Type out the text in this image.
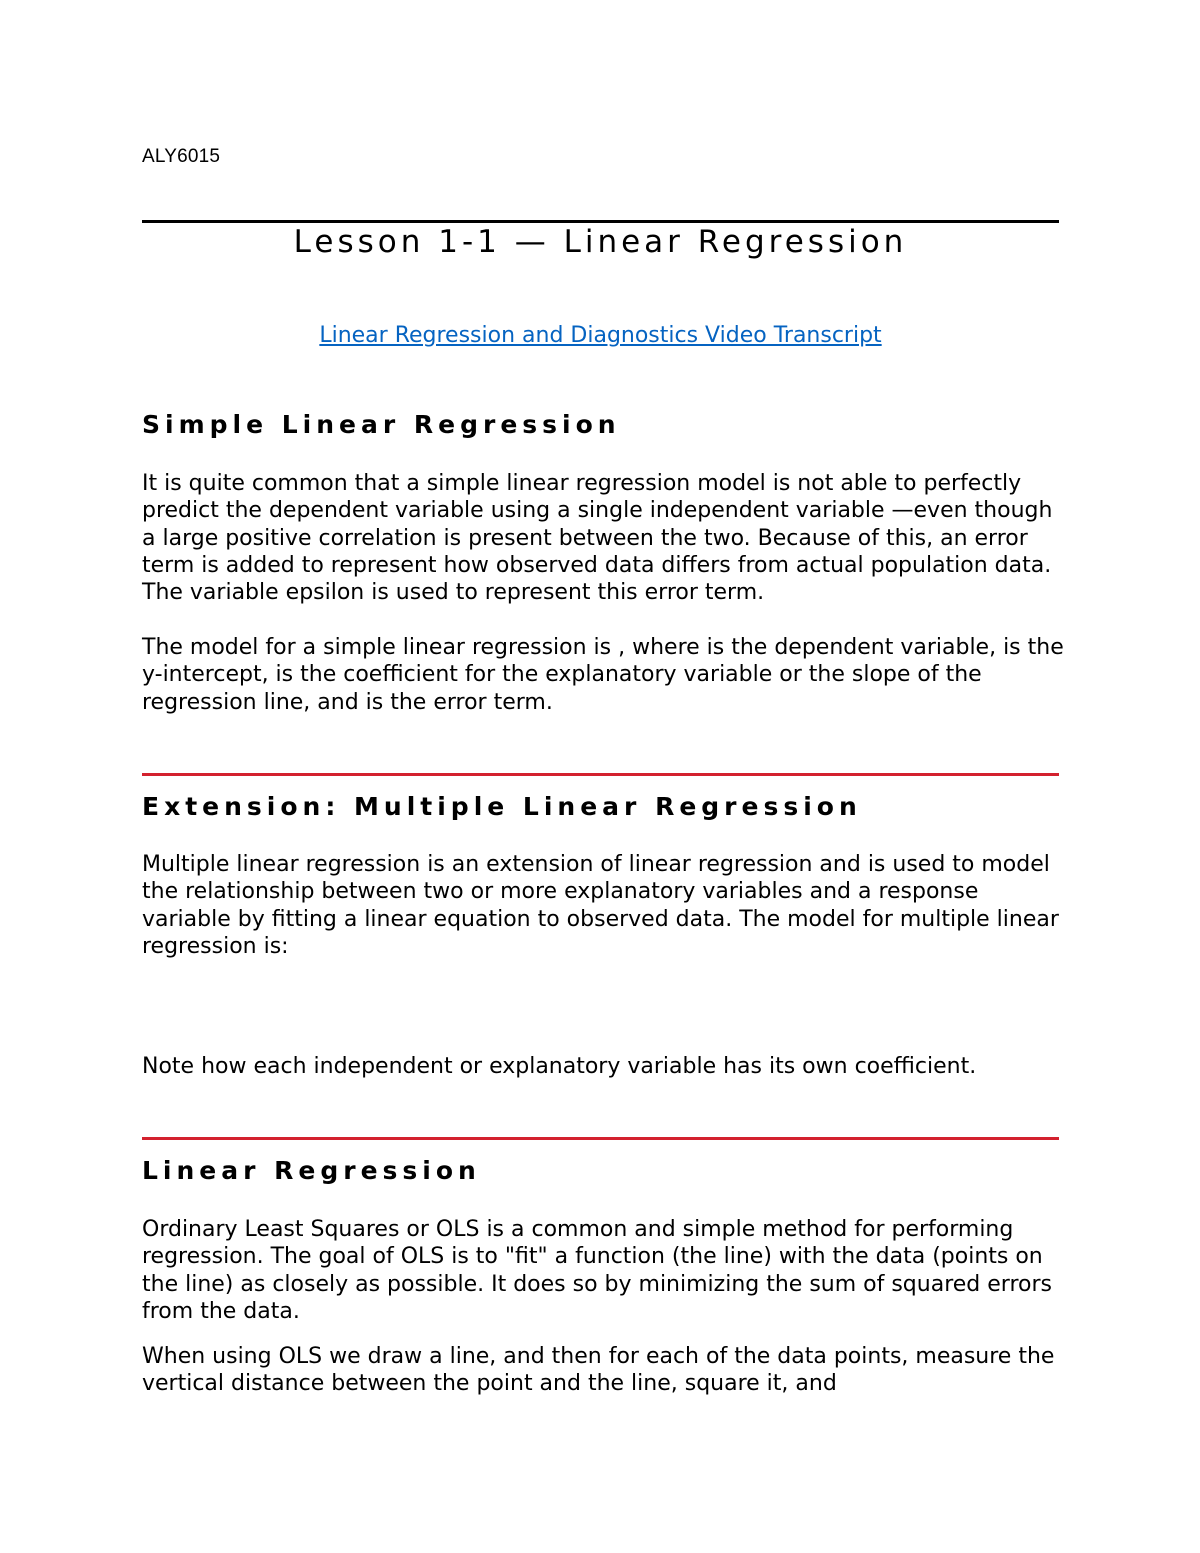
ALY6015
Lesson 1-1 — Linear Regression
Linear Regression and Diagnostics Video Transcript
Simple Linear Regression

It is quite common that a simple linear regression model is not able to perfectly predict the dependent variable using a single independent variable —even though a large positive correlation is present between the two. Because of this, an error term is added to represent how observed data differs from actual population data. The variable epsilon is used to represent this error term.

The model for a simple linear regression is , where is the dependent variable, is the y-intercept, is the coefficient for the explanatory variable or the slope of the regression line, and is the error term.

Extension: Multiple Linear Regression

Multiple linear regression is an extension of linear regression and is used to model the relationship between two or more explanatory variables and a response variable by fitting a linear equation to observed data. The model for multiple linear regression is:

Note how each independent or explanatory variable has its own coefficient.

Linear Regression

Ordinary Least Squares or OLS is a common and simple method for performing regression. The goal of OLS is to "fit" a function (the line) with the data (points on the line) as closely as possible. It does so by minimizing the sum of squared errors from the data.

When using OLS we draw a line, and then for each of the data points, measure the vertical distance between the point and the line, square it, and
